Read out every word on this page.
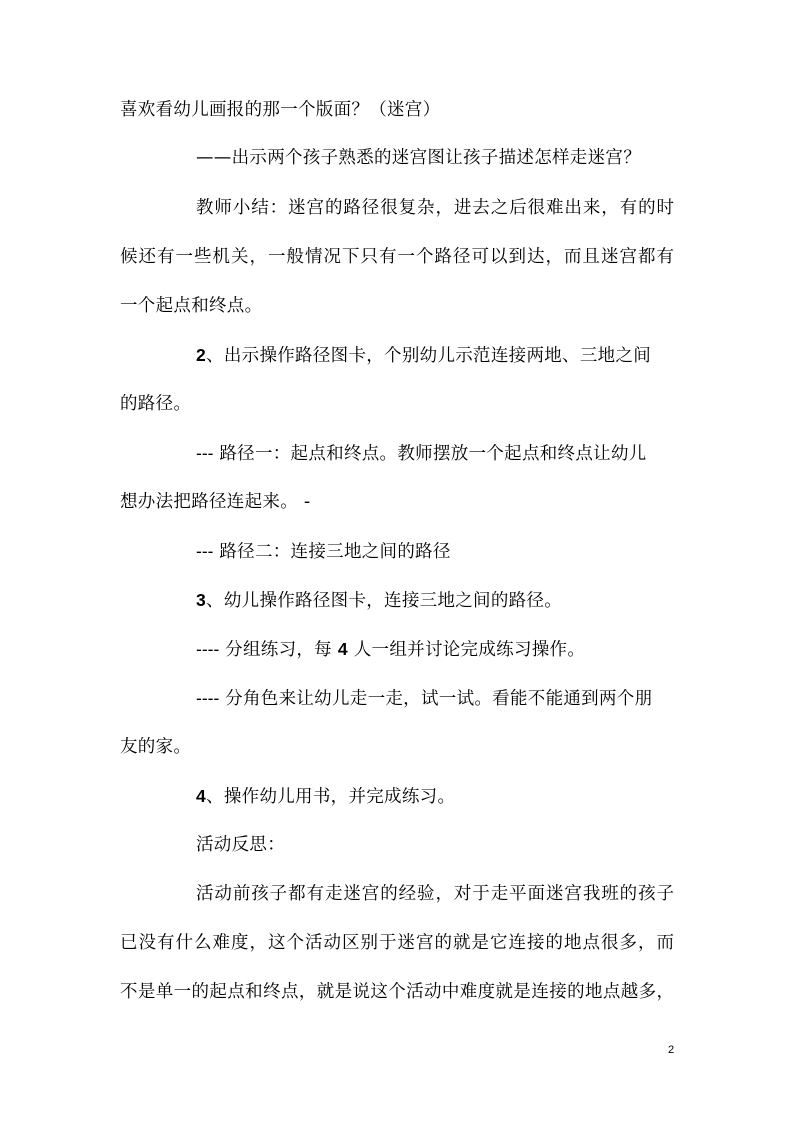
喜欢看幼儿画报的那一个版面？（迷宫）
——出示两个孩子熟悉的迷宫图让孩子描述怎样走迷宫？
教师小结：迷宫的路径很复杂，进去之后很难出来，有的时
候还有一些机关，一般情况下只有一个路径可以到达，而且迷宫都有
一个起点和终点。
2、出示操作路径图卡，个别幼儿示范连接两地、三地之间
的路径。
--- 路径一：起点和终点。教师摆放一个起点和终点让幼儿
想办法把路径连起来。 -
--- 路径二：连接三地之间的路径
3、幼儿操作路径图卡，连接三地之间的路径。
---- 分组练习，每 4 人一组并讨论完成练习操作。
---- 分角色来让幼儿走一走，试一试。看能不能通到两个朋
友的家。
4、操作幼儿用书，并完成练习。
活动反思：
活动前孩子都有走迷宫的经验，对于走平面迷宫我班的孩子
已没有什么难度，这个活动区别于迷宫的就是它连接的地点很多，而
不是单一的起点和终点，就是说这个活动中难度就是连接的地点越多，
2
